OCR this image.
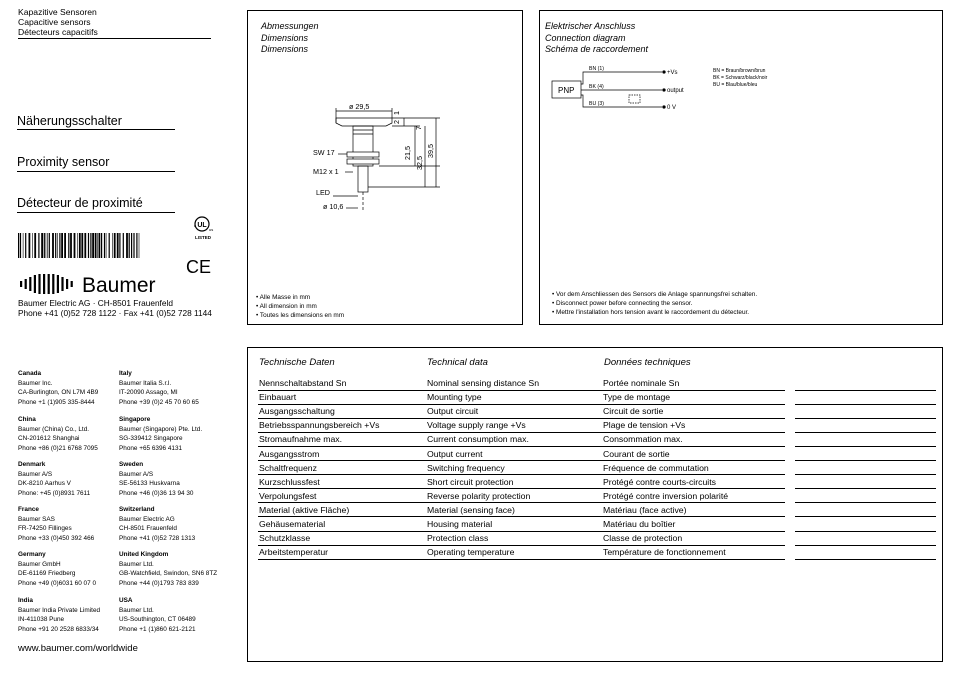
Kapazitive Sensoren
Capacitive sensors
Détecteurs capacitifs
Näherungsschalter
Proximity sensor
Détecteur de proximité
UL
c
us
LISTED
CE
Baumer
Baumer Electric AG · CH-8501 Frauenfeld
Phone +41 (0)52 728 1122 · Fax +41 (0)52 728 1144
Canada
Baumer Inc.
CA-Burlington, ON L7M 4B9
Phone +1 (1)905 335-8444
Italy
Baumer Italia S.r.l.
IT-20090 Assago, MI
Phone +39 (0)2 45 70 60 65
China
Baumer (China) Co., Ltd.
CN-201612 Shanghai
Phone +86 (0)21 6768 7095
Singapore
Baumer (Singapore) Pte. Ltd.
SG-339412 Singapore
Phone +65 6396 4131
Denmark
Baumer A/S
DK-8210 Aarhus V
Phone: +45 (0)8931 7611
Sweden
Baumer A/S
SE-56133 Huskvarna
Phone +46 (0)36 13 94 30
France
Baumer SAS
FR-74250 Fillinges
Phone +33 (0)450 392 466
Switzerland
Baumer Electric AG
CH-8501 Frauenfeld
Phone +41 (0)52 728 1313
Germany
Baumer GmbH
DE-61169 Friedberg
Phone +49 (0)6031 60 07 0
United Kingdom
Baumer Ltd.
GB-Watchfield, Swindon, SN6 8TZ
Phone +44 (0)1793 783 839
India
Baumer India Private Limited
IN-411038 Pune
Phone +91 20 2528 6833/34
USA
Baumer Ltd.
US-Southington, CT 06489
Phone +1 (1)860 621-2121
www.baumer.com/worldwide
Abmessungen
Dimensions
Dimensions
ø 29,5
SW 17
M12 x 1
LED
ø 10,6
1
2
7
21,5
32,5
39,5
• Alle Masse in mm
• All dimension in mm
• Toutes les dimensions en mm
Elektrischer Anschluss
Connection diagram
Schéma de raccordement
PNP
BN (1)
BK (4)
BU (3)
+Vs
output
0 V
BN = Braun/brown/brun
BK = Schwarz/black/noir
BU = Blau/blue/bleu
• Vor dem Anschliessen des Sensors die Anlage spannungsfrei schalten.
• Disconnect power before connecting the sensor.
• Mettre l'installation hors tension avant le raccordement du détecteur.
Technische Daten	Technical data	Données techniques
Nennschaltabstand Sn	Nominal sensing distance Sn	Portée nominale Sn
Einbauart	Mounting type	Type de montage
Ausgangsschaltung	Output circuit	Circuit de sortie
Betriebsspannungsbereich +Vs	Voltage supply range +Vs	Plage de tension +Vs
Stromaufnahme max.	Current consumption max.	Consommation max.
Ausgangsstrom	Output current	Courant de sortie
Schaltfrequenz	Switching frequency	Fréquence de commutation
Kurzschlussfest	Short circuit protection	Protégé contre courts-circuits
Verpolungsfest	Reverse polarity protection	Protégé contre inversion polarité
Material (aktive Fläche)	Material (sensing face)	Matériau (face active)
Gehäusematerial	Housing material	Matériau du boîtier
Schutzklasse	Protection class	Classe de protection
Arbeitstemperatur	Operating temperature	Température de fonctionnement
